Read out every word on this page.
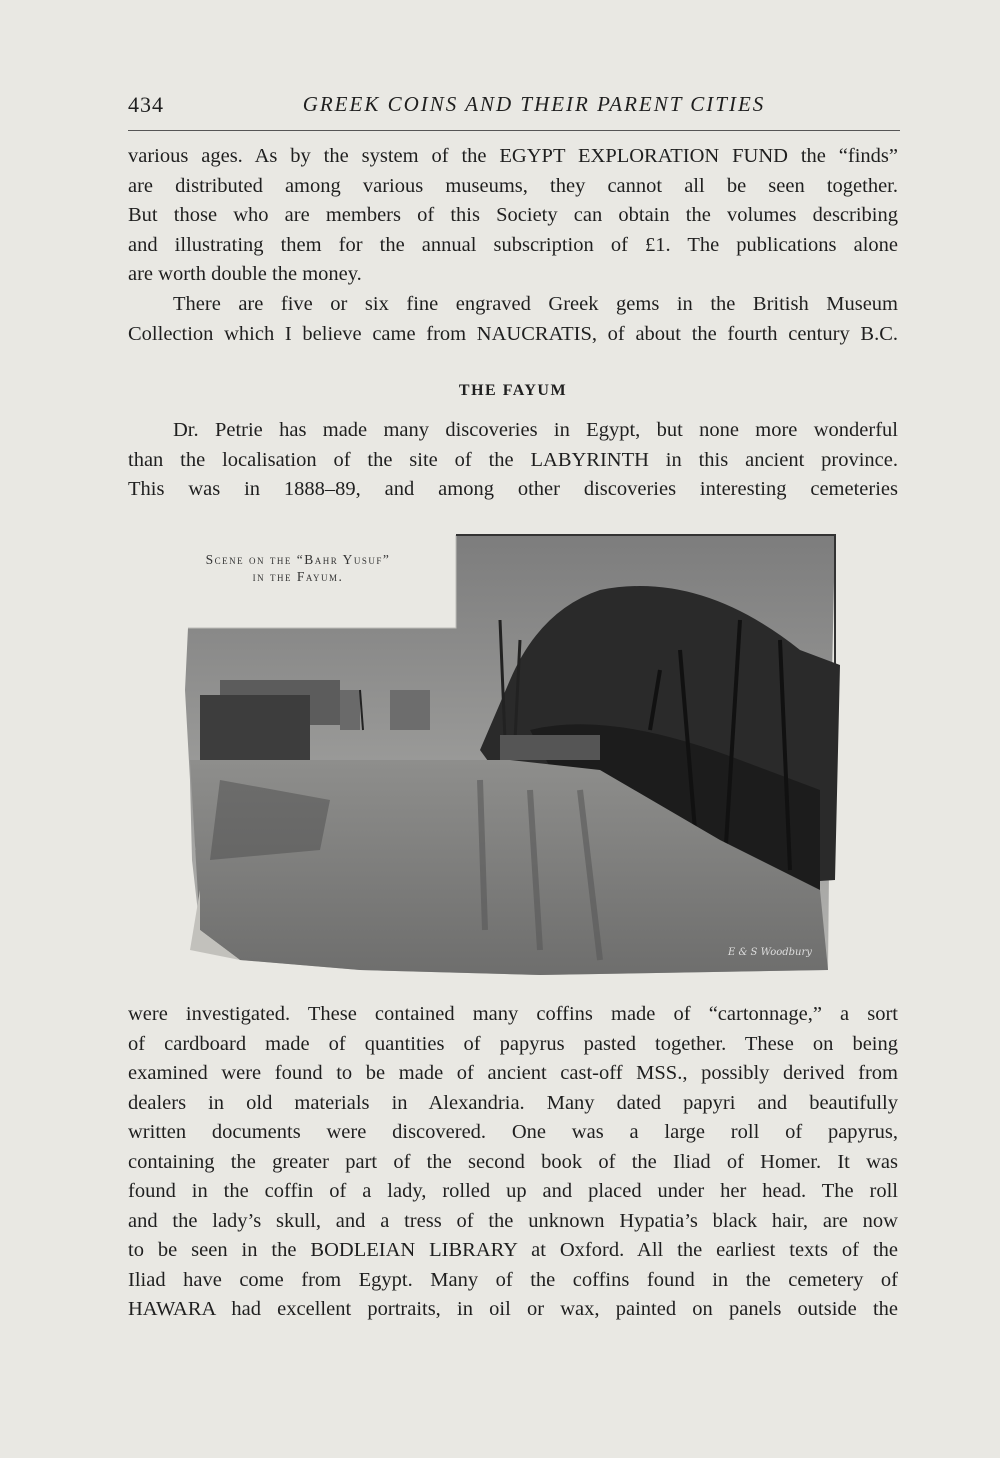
434	GREEK COINS AND THEIR PARENT CITIES

various ages. As by the system of the EGYPT EXPLORATION FUND the “finds”
are distributed among various museums, they cannot all be seen together.
But those who are members of this Society can obtain the volumes describing
and illustrating them for the annual subscription of £1. The publications alone
are worth double the money.

There are five or six fine engraved Greek gems in the British Museum
Collection which I believe came from NAUCRATIS, of about the fourth century B.C.

THE FAYUM

Dr. Petrie has made many discoveries in Egypt, but none more wonderful
than the localisation of the site of the LABYRINTH in this ancient province.
This was in 1888–89, and among other discoveries interesting cemeteries

Scene on the “Bahr Yusuf”
in the Fayum.
E & S Woodbury

were investigated. These contained many coffins made of “cartonnage,” a sort
of cardboard made of quantities of papyrus pasted together. These on being
examined were found to be made of ancient cast-off MSS., possibly derived from
dealers in old materials in Alexandria. Many dated papyri and beautifully
written documents were discovered. One was a large roll of papyrus,
containing the greater part of the second book of the Iliad of Homer. It was
found in the coffin of a lady, rolled up and placed under her head. The roll
and the lady’s skull, and a tress of the unknown Hypatia’s black hair, are now
to be seen in the BODLEIAN LIBRARY at Oxford. All the earliest texts of the
Iliad have come from Egypt. Many of the coffins found in the cemetery of
HAWARA had excellent portraits, in oil or wax, painted on panels outside the
